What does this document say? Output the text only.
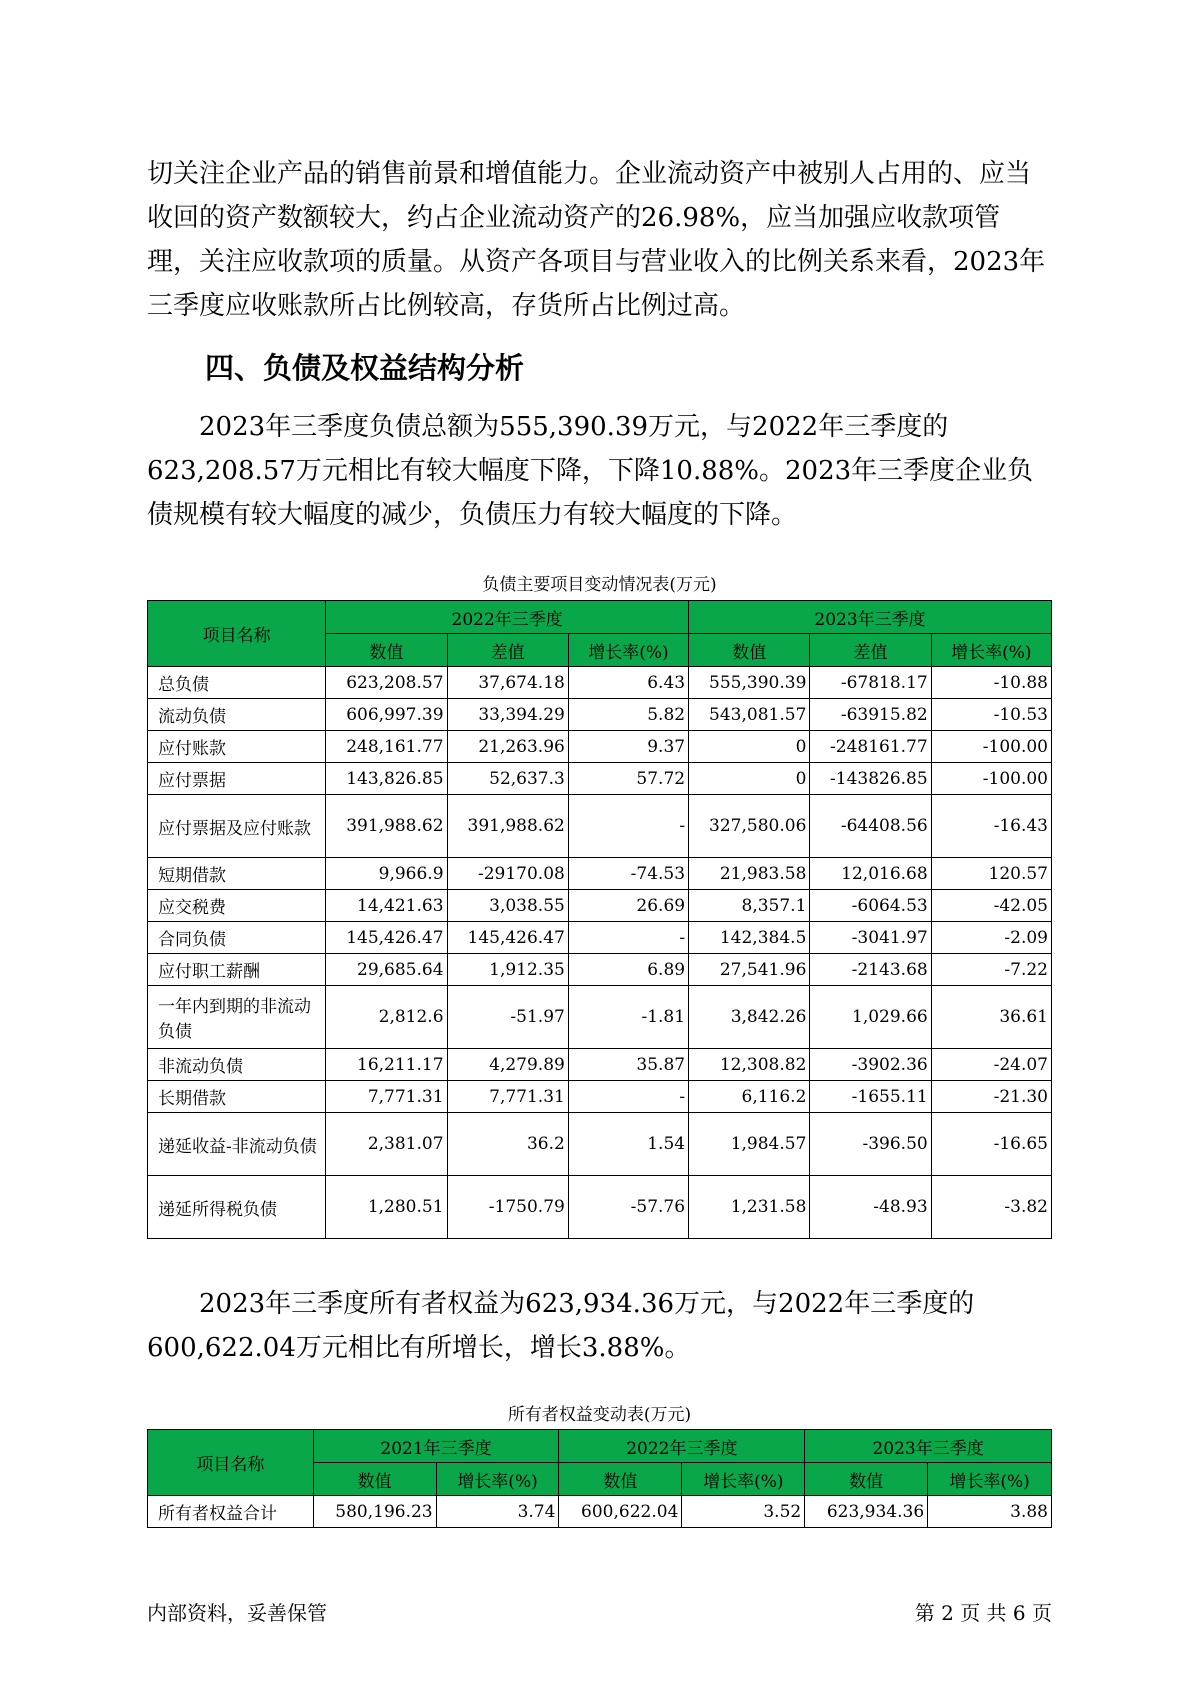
切关注企业产品的销售前景和增值能力。企业流动资产中被别人占用的、应当收回的资产数额较大，约占企业流动资产的26.98%，应当加强应收款项管理，关注应收款项的质量。从资产各项目与营业收入的比例关系来看，2023年三季度应收账款所占比例较高，存货所占比例过高。

四、负债及权益结构分析

2023年三季度负债总额为555,390.39万元，与2022年三季度的623,208.57万元相比有较大幅度下降，下降10.88%。2023年三季度企业负债规模有较大幅度的减少，负债压力有较大幅度的下降。

负债主要项目变动情况表(万元)

项目名称	2022年三季度			2023年三季度		
	数值	差值	增长率(%)	数值	差值	增长率(%)
总负债	623,208.57	37,674.18	6.43	555,390.39	-67818.17	-10.88
流动负债	606,997.39	33,394.29	5.82	543,081.57	-63915.82	-10.53
应付账款	248,161.77	21,263.96	9.37	0	-248161.77	-100.00
应付票据	143,826.85	52,637.3	57.72	0	-143826.85	-100.00
应付票据及应付账款	391,988.62	391,988.62	-	327,580.06	-64408.56	-16.43
短期借款	9,966.9	-29170.08	-74.53	21,983.58	12,016.68	120.57
应交税费	14,421.63	3,038.55	26.69	8,357.1	-6064.53	-42.05
合同负债	145,426.47	145,426.47	-	142,384.5	-3041.97	-2.09
应付职工薪酬	29,685.64	1,912.35	6.89	27,541.96	-2143.68	-7.22
一年内到期的非流动负债	2,812.6	-51.97	-1.81	3,842.26	1,029.66	36.61
非流动负债	16,211.17	4,279.89	35.87	12,308.82	-3902.36	-24.07
长期借款	7,771.31	7,771.31	-	6,116.2	-1655.11	-21.30
递延收益-非流动负债	2,381.07	36.2	1.54	1,984.57	-396.50	-16.65
递延所得税负债	1,280.51	-1750.79	-57.76	1,231.58	-48.93	-3.82

2023年三季度所有者权益为623,934.36万元，与2022年三季度的600,622.04万元相比有所增长，增长3.88%。

所有者权益变动表(万元)

项目名称	2021年三季度		2022年三季度		2023年三季度	
	数值	增长率(%)	数值	增长率(%)	数值	增长率(%)
所有者权益合计	580,196.23	3.74	600,622.04	3.52	623,934.36	3.88

内部资料，妥善保管	第 2 页 共 6 页
